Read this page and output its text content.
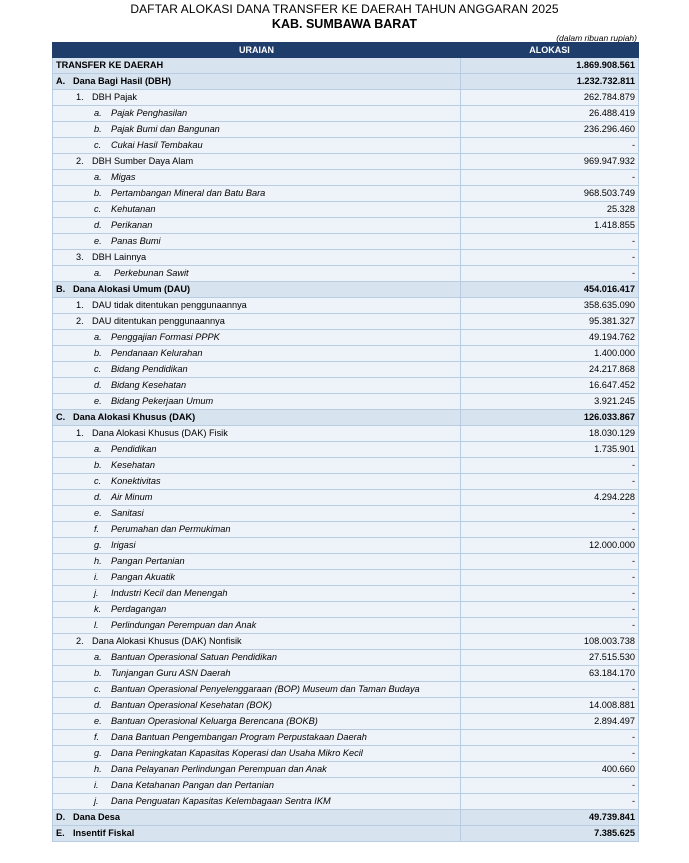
DAFTAR ALOKASI DANA TRANSFER KE DAERAH TAHUN ANGGARAN 2025
KAB. SUMBAWA BARAT
(dalam ribuan rupiah)
URAIAN	ALOKASI
TRANSFER KE DAERAH	1.869.908.561
A. Dana Bagi Hasil (DBH)	1.232.732.811
1. DBH Pajak	262.784.879
a. Pajak Penghasilan	26.488.419
b. Pajak Bumi dan Bangunan	236.296.460
c. Cukai Hasil Tembakau	-
2. DBH Sumber Daya Alam	969.947.932
a. Migas	-
b. Pertambangan Mineral dan Batu Bara	968.503.749
c. Kehutanan	25.328
d. Perikanan	1.418.855
e. Panas Bumi	-
3. DBH Lainnya	-
a. Perkebunan Sawit	-
B. Dana Alokasi Umum (DAU)	454.016.417
1. DAU tidak ditentukan penggunaannya	358.635.090
2. DAU ditentukan penggunaannya	95.381.327
a. Penggajian Formasi PPPK	49.194.762
b. Pendanaan Kelurahan	1.400.000
c. Bidang Pendidikan	24.217.868
d. Bidang Kesehatan	16.647.452
e. Bidang Pekerjaan Umum	3.921.245
C. Dana Alokasi Khusus (DAK)	126.033.867
1. Dana Alokasi Khusus (DAK) Fisik	18.030.129
a. Pendidikan	1.735.901
b. Kesehatan	-
c. Konektivitas	-
d. Air Minum	4.294.228
e. Sanitasi	-
f. Perumahan dan Permukiman	-
g. Irigasi	12.000.000
h. Pangan Pertanian	-
i. Pangan Akuatik	-
j. Industri Kecil dan Menengah	-
k. Perdagangan	-
l. Perlindungan Perempuan dan Anak	-
2. Dana Alokasi Khusus (DAK) Nonfisik	108.003.738
a. Bantuan Operasional Satuan Pendidikan	27.515.530
b. Tunjangan Guru ASN Daerah	63.184.170
c. Bantuan Operasional Penyelenggaraan (BOP) Museum dan Taman Budaya	-
d. Bantuan Operasional Kesehatan (BOK)	14.008.881
e. Bantuan Operasional Keluarga Berencana (BOKB)	2.894.497
f. Dana Bantuan Pengembangan Program Perpustakaan Daerah	-
g. Dana Peningkatan Kapasitas Koperasi dan Usaha Mikro Kecil	-
h. Dana Pelayanan Perlindungan Perempuan dan Anak	400.660
i. Dana Ketahanan Pangan dan Pertanian	-
j. Dana Penguatan Kapasitas Kelembagaan Sentra IKM	-
D. Dana Desa	49.739.841
E. Insentif Fiskal	7.385.625
